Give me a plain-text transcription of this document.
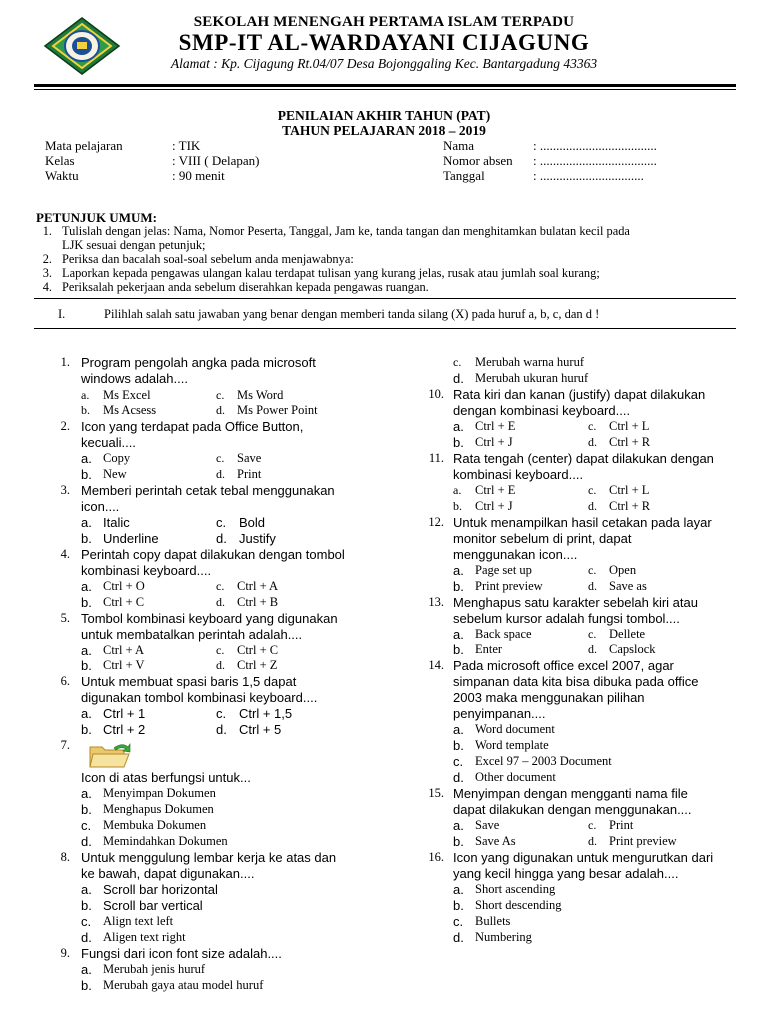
SEKOLAH MENENGAH PERTAMA ISLAM TERPADU
SMP-IT AL-WARDAYANI CIJAGUNG
Alamat : Kp. Cijagung Rt.04/07 Desa Bojonggaling Kec. Bantargadung 43363
PENILAIAN AKHIR TAHUN (PAT)
TAHUN PELAJARAN 2018 – 2019
Mata pelajaran	: TIK
Kelas	: VIII ( Delapan)
Waktu	: 90 menit
Nama	: ....................................
Nomor absen : ....................................
Tanggal	: ................................
PETUNJUK UMUM:
1. Tulislah dengan jelas: Nama, Nomor Peserta, Tanggal, Jam ke, tanda tangan dan menghitamkan bulatan kecil pada
LJK sesuai dengan petunjuk;
2. Periksa dan bacalah soal-soal sebelum anda menjawabnya:
3. Laporkan kepada pengawas ulangan kalau terdapat tulisan yang kurang jelas, rusak atau jumlah soal kurang;
4. Periksalah pekerjaan anda sebelum diserahkan kepada pengawas ruangan.
I.	Pilihlah salah satu jawaban yang benar dengan memberi tanda silang (X) pada huruf a, b, c, dan d !
1. Program pengolah angka pada microsoft
windows adalah....
a. Ms Excel	c. Ms Word
b. Ms Acsess	d. Ms Power Point
2. Icon yang terdapat pada Office Button,
kecuali....
a. Copy	c. Save
b. New	d. Print
3. Memberi perintah cetak tebal menggunakan
icon....
a. Italic	c. Bold
b. Underline	d. Justify
4. Perintah copy dapat dilakukan dengan tombol
kombinasi keyboard....
a. Ctrl + O	c. Ctrl + A
b. Ctrl + C	d. Ctrl + B
5. Tombol kombinasi keyboard yang digunakan
untuk membatalkan perintah adalah....
a. Ctrl + A	c. Ctrl + C
b. Ctrl + V	d. Ctrl + Z
6. Untuk membuat spasi baris 1,5 dapat
digunakan tombol kombinasi keyboard....
a. Ctrl + 1	c. Ctrl + 1,5
b. Ctrl + 2	d. Ctrl + 5
7.
Icon di atas berfungsi untuk...
a. Menyimpan Dokumen
b. Menghapus Dokumen
c. Membuka Dokumen
d. Memindahkan Dokumen
8. Untuk menggulung lembar kerja ke atas dan
ke bawah, dapat digunakan....
a. Scroll bar horizontal
b. Scroll bar vertical
c. Align text left
d. Aligen text right
9. Fungsi dari icon font size adalah....
a. Merubah jenis huruf
b. Merubah gaya atau model huruf
c. Merubah warna huruf
d. Merubah ukuran huruf
10. Rata kiri dan kanan (justify) dapat dilakukan
dengan kombinasi keyboard....
a. Ctrl + E	c. Ctrl + L
b. Ctrl + J	d. Ctrl + R
11. Rata tengah (center) dapat dilakukan dengan
kombinasi keyboard....
a. Ctrl + E	c. Ctrl + L
b. Ctrl + J	d. Ctrl + R
12. Untuk menampilkan hasil cetakan pada layar
monitor sebelum di print, dapat
menggunakan icon....
a. Page set up	c. Open
b. Print preview	d. Save as
13. Menghapus satu karakter sebelah kiri atau
sebelum kursor adalah fungsi tombol....
a. Back space	c. Dellete
b. Enter	d. Capslock
14. Pada microsoft office excel 2007, agar
simpanan data kita bisa dibuka pada office
2003 maka menggunakan pilihan
penyimpanan....
a. Word document
b. Word template
c. Excel 97 – 2003 Document
d. Other document
15. Menyimpan dengan mengganti nama file
dapat dilakukan dengan menggunakan....
a. Save	c. Print
b. Save As	d. Print preview
16. Icon yang digunakan untuk mengurutkan dari
yang kecil hingga yang besar adalah....
a. Short ascending
b. Short descending
c. Bullets
d. Numbering
